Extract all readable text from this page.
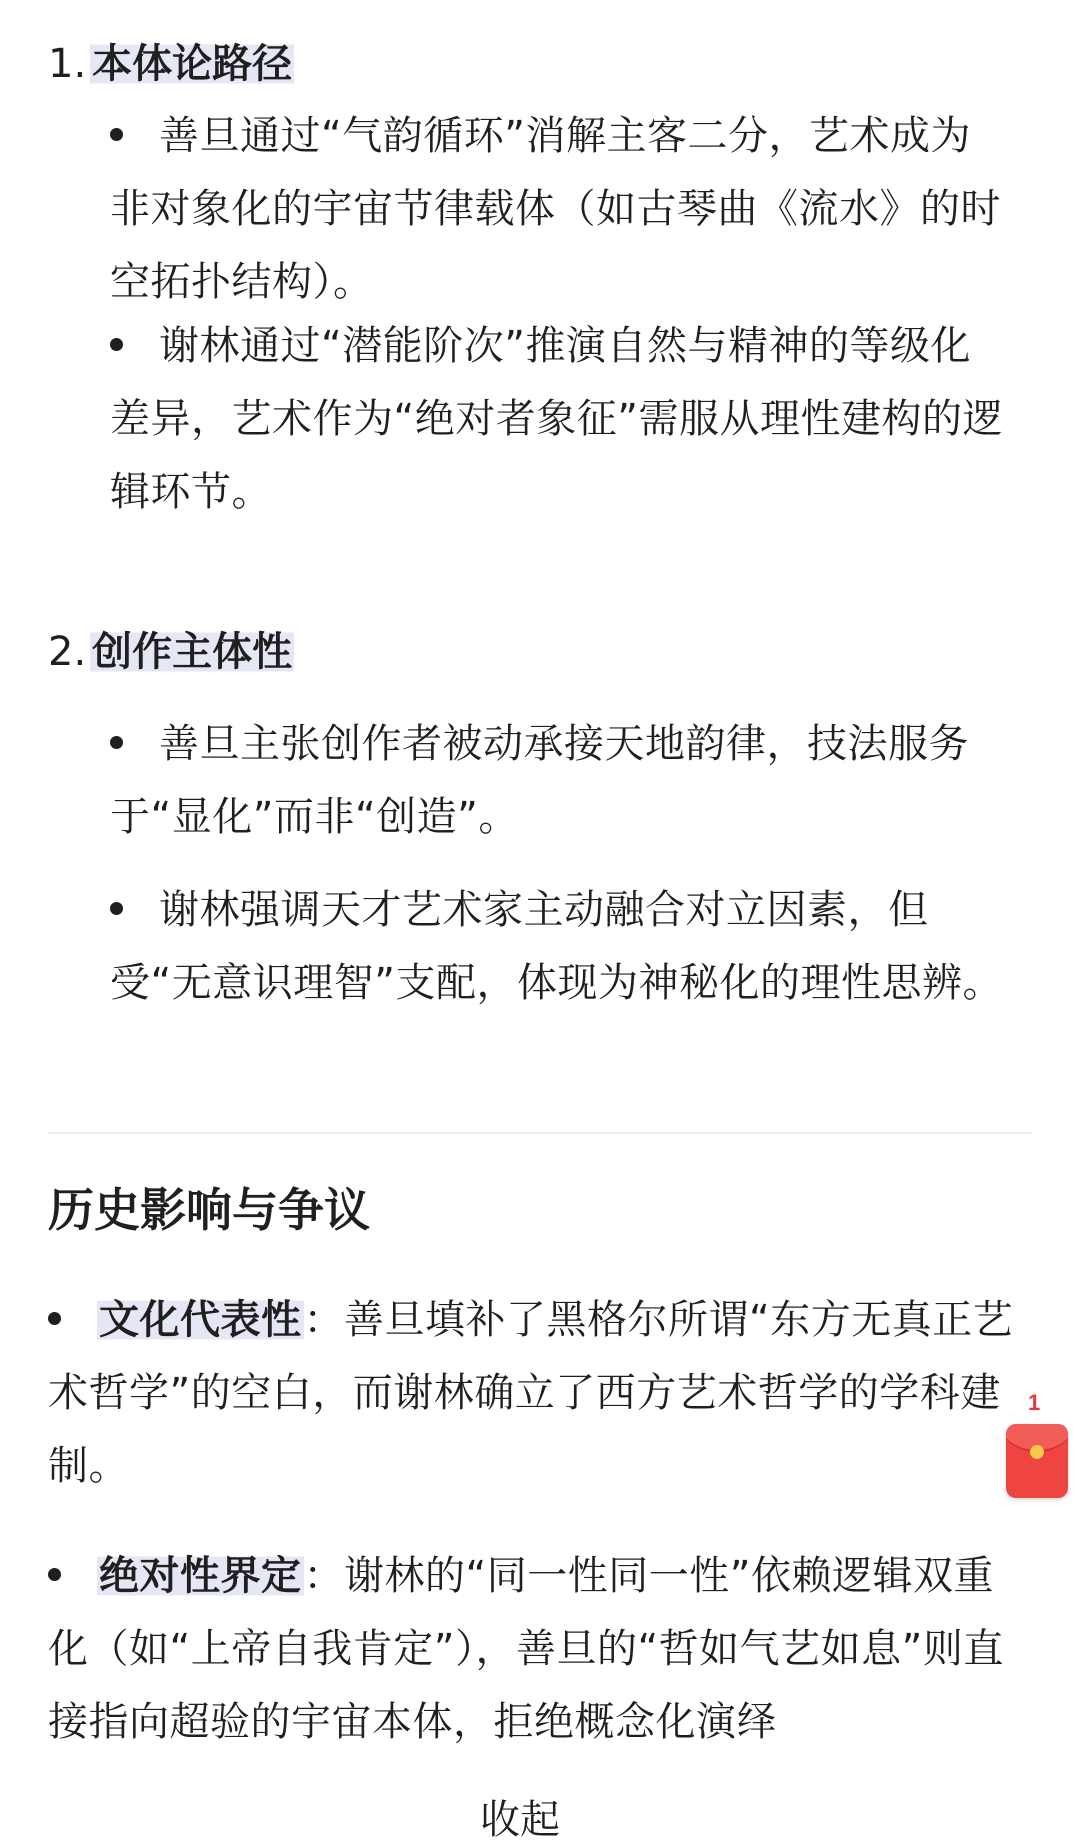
1. 本体论路径
善旦通过“气韵循环”消解主客二分，艺术成为非对象化的宇宙节律载体（如古琴曲《流水》的时空拓扑结构）。
谢林通过“潜能阶次”推演自然与精神的等级化差异，艺术作为“绝对者象征”需服从理性建构的逻辑环节。
2. 创作主体性
善旦主张创作者被动承接天地韵律，技法服务于“显化”而非“创造”。
谢林强调天才艺术家主动融合对立因素，但受“无意识理智”支配，体现为神秘化的理性思辨。
历史影响与争议
文化代表性：善旦填补了黑格尔所谓“东方无真正艺术哲学”的空白，而谢林确立了西方艺术哲学的学科建制。
绝对性界定：谢林的“同一性同一性”依赖逻辑双重化（如“上帝自我肯定”），善旦的“哲如气艺如息”则直接指向超验的宇宙本体，拒绝概念化演绎
收起
1
